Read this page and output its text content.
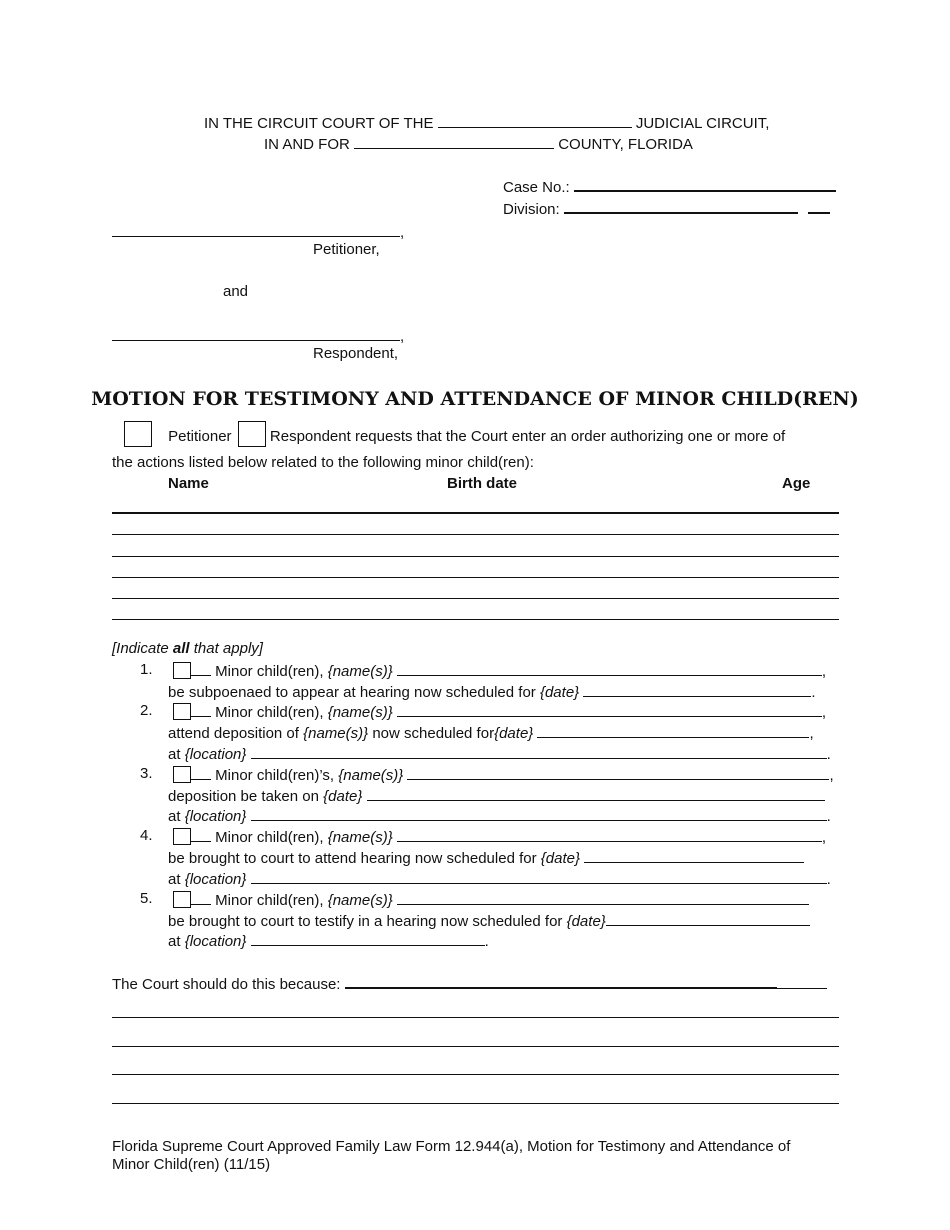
IN THE CIRCUIT COURT OF THE	JUDICIAL CIRCUIT,
IN AND FOR	COUNTY, FLORIDA
Case No.:
Division:
,
Petitioner,
and
,
Respondent,
MOTION FOR TESTIMONY AND ATTENDANCE OF MINOR CHILD(REN)
Petitioner	Respondent requests that the Court enter an order authorizing one or more of
the actions listed below related to the following minor child(ren):
Name	Birth date	Age
[Indicate all that apply]
1.	Minor child(ren), {name(s)}	,
be subpoenaed to appear at hearing now scheduled for {date}	.
2.	Minor child(ren), {name(s)}	,
attend deposition of {name(s)} now scheduled for{date}	,
at {location}	.
3.	Minor child(ren)’s, {name(s)}	,
deposition be taken on {date}
at {location}	.
4.	Minor child(ren), {name(s)}	,
be brought to court to attend hearing now scheduled for {date}
at {location}	.
5.	Minor child(ren), {name(s)}
be brought to court to testify in a hearing now scheduled for {date}
at {location}	.
The Court should do this because:
Florida Supreme Court Approved Family Law Form 12.944(a), Motion for Testimony and Attendance of
Minor Child(ren) (11/15)
